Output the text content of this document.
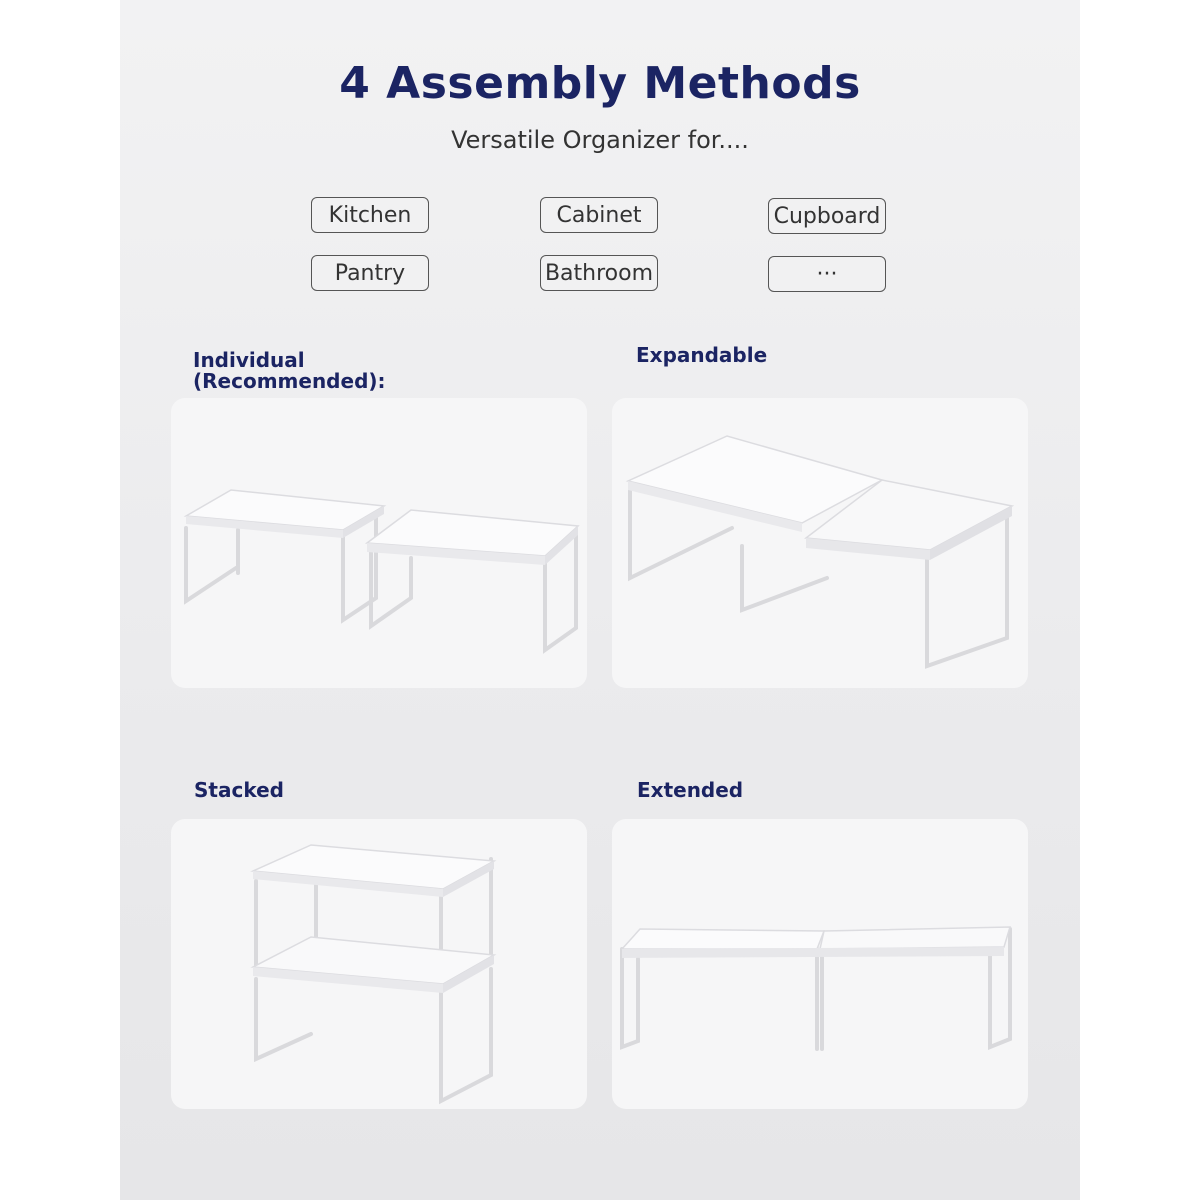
4 Assembly Methods
Versatile Organizer for....
Kitchen	Cabinet	Cupboard
Pantry	Bathroom	···
Individual
(Recommended):
Expandable
Stacked	Extended
